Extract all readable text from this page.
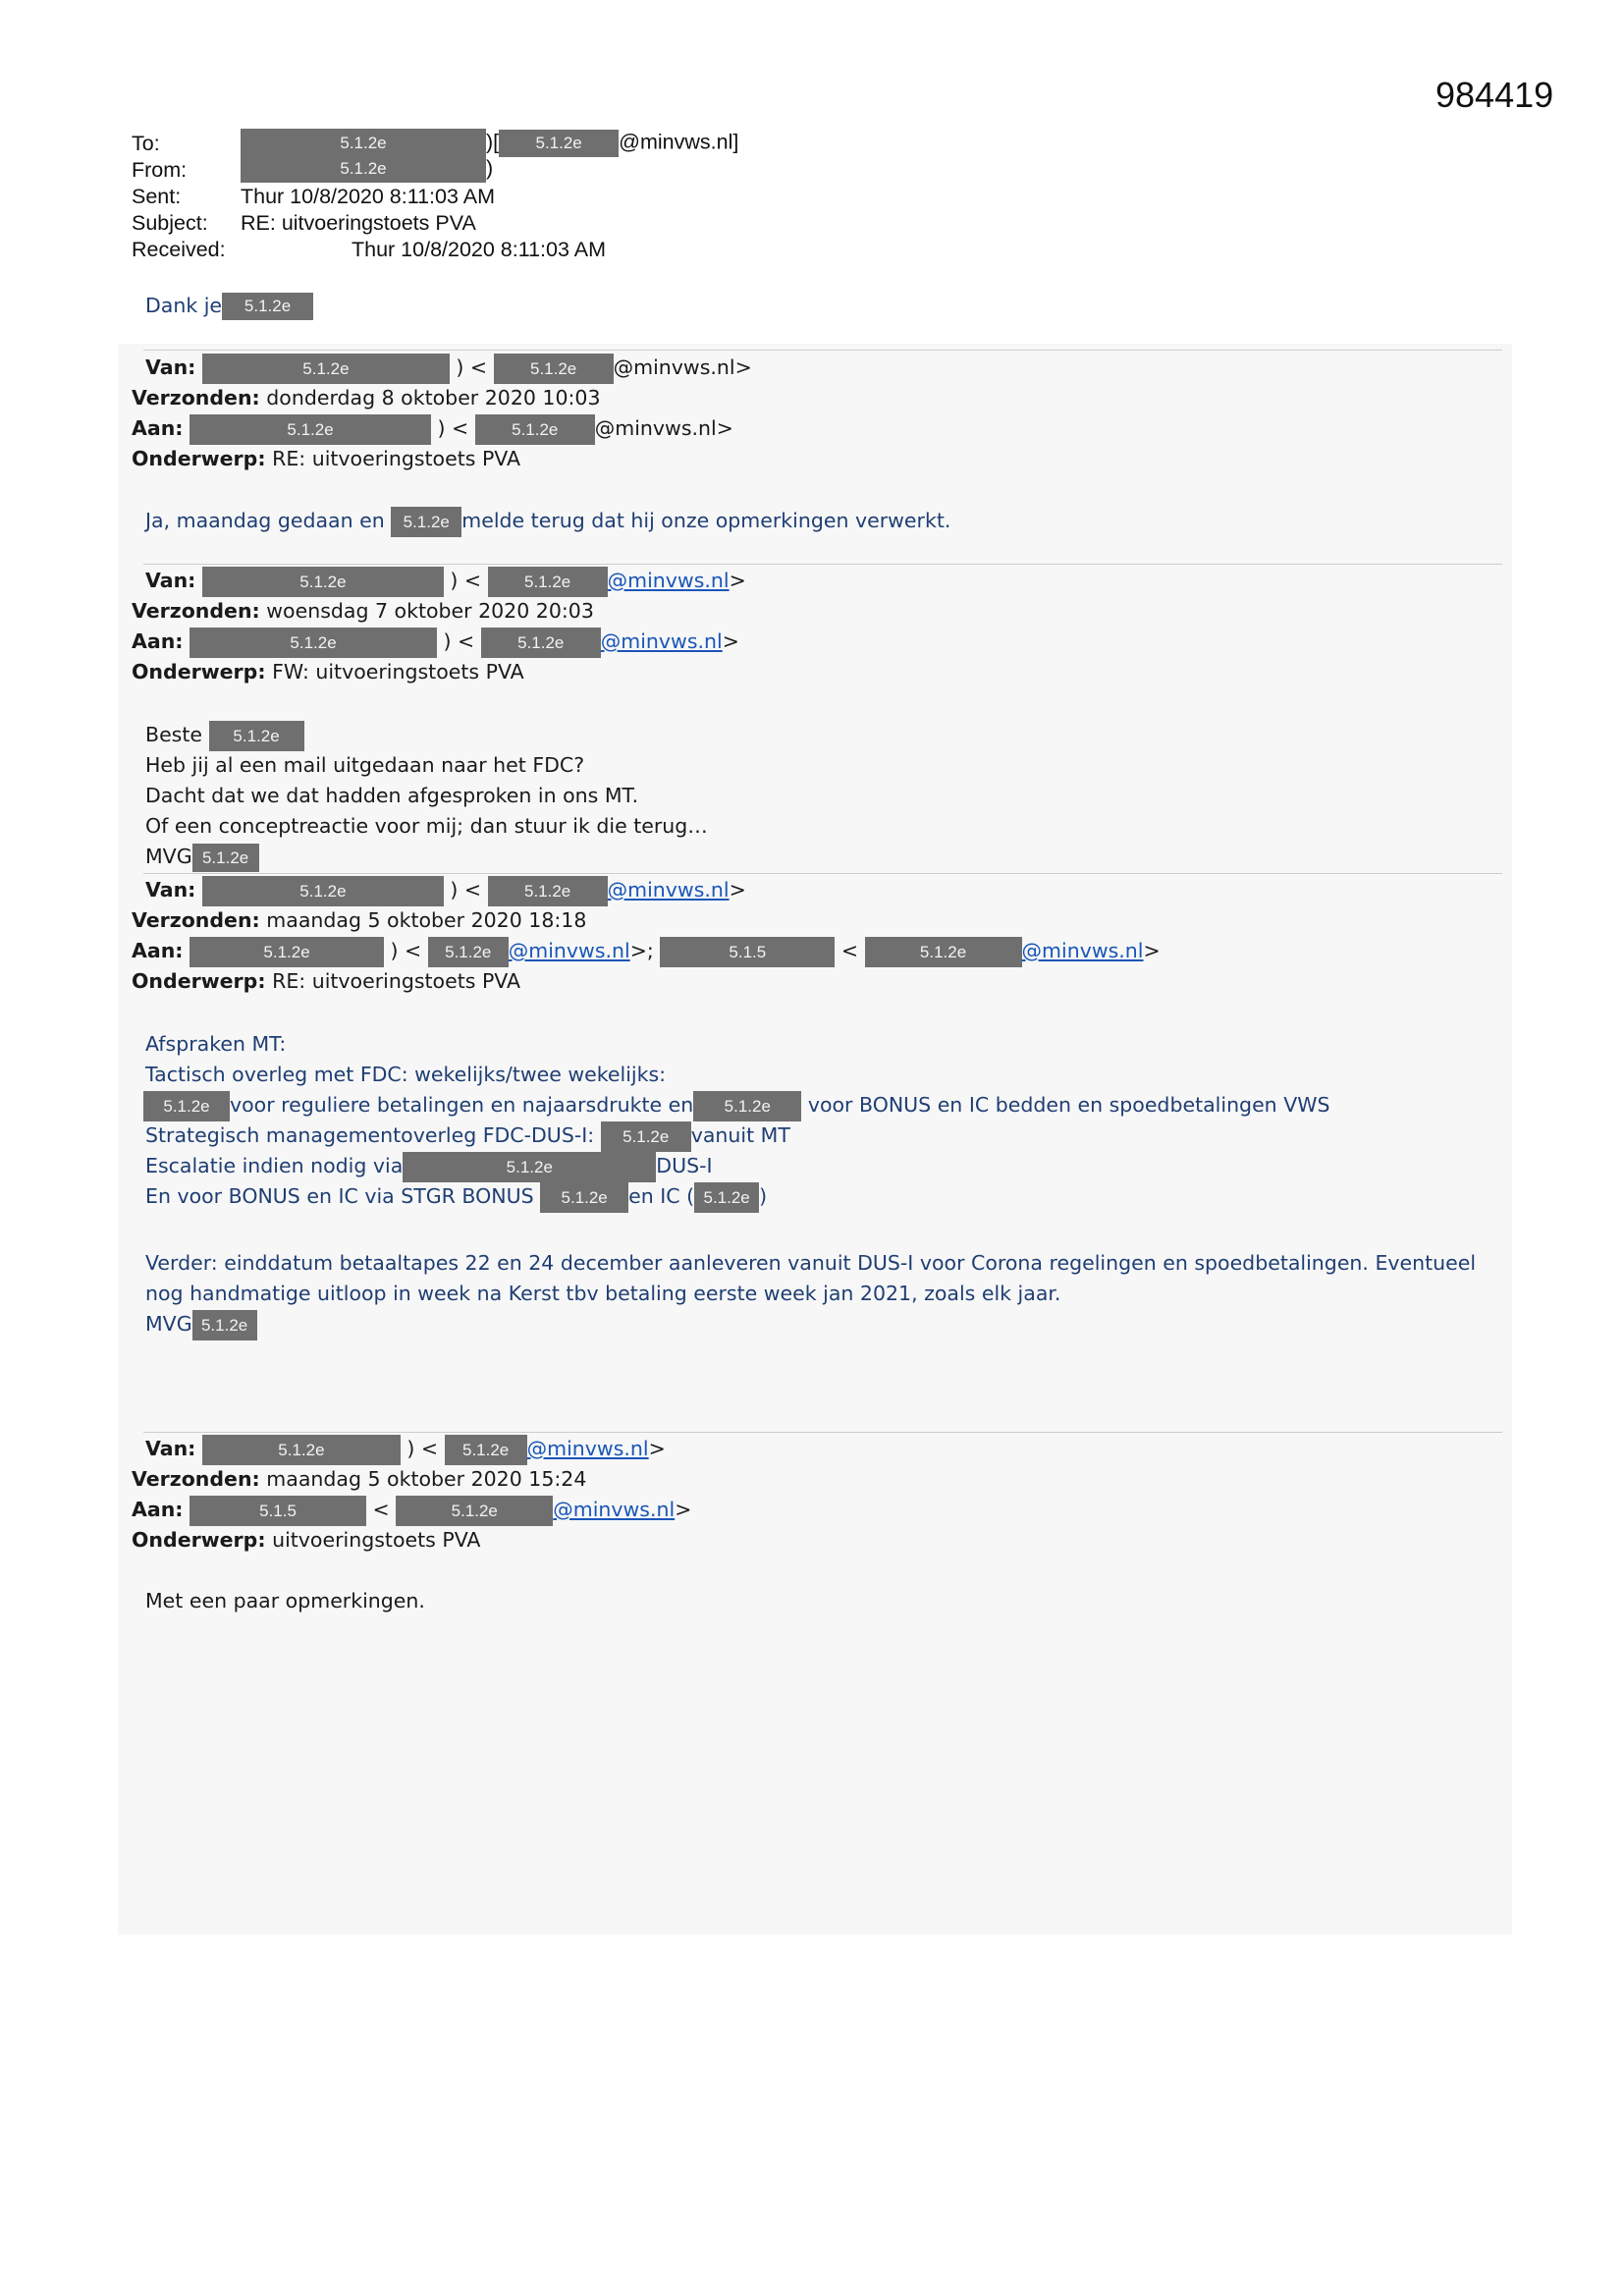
984419
To:	5.1.2e	)[ 5.1.2e @minvws.nl]
From:	5.1.2e	)
Sent:	Thur 10/8/2020 8:11:03 AM
Subject: RE: uitvoeringstoets PVA
Received:	Thur 10/8/2020 8:11:03 AM
Dank je 5.1.2e
Van:	5.1.2e	) < 5.1.2e @minvws.nl>
Verzonden: donderdag 8 oktober 2020 10:03
Aan:	5.1.2e	) < 5.1.2e @minvws.nl>
Onderwerp: RE: uitvoeringstoets PVA
Ja, maandag gedaan en 5.1.2e melde terug dat hij onze opmerkingen verwerkt.
Van:	5.1.2e	) < 5.1.2e @minvws.nl>
Verzonden: woensdag 7 oktober 2020 20:03
Aan:	5.1.2e	) < 5.1.2e @minvws.nl>
Onderwerp: FW: uitvoeringstoets PVA
Beste 5.1.2e
Heb jij al een mail uitgedaan naar het FDC?
Dacht dat we dat hadden afgesproken in ons MT.
Of een conceptreactie voor mij; dan stuur ik die terug…
MVG 5.1.2e
Van:	5.1.2e	) < 5.1.2e @minvws.nl>
Verzonden: maandag 5 oktober 2020 18:18
Aan:	5.1.2e	) < 5.1.2e @minvws.nl>;	5.1.5	<	5.1.2e	@minvws.nl>
Onderwerp: RE: uitvoeringstoets PVA
Afspraken MT:
Tactisch overleg met FDC: wekelijks/twee wekelijks:
5.1.2e voor reguliere betalingen en najaarsdrukte en 5.1.2e voor BONUS en IC bedden en spoedbetalingen VWS
Strategisch managementoverleg FDC-DUS-I: 5.1.2e vanuit MT
Escalatie indien nodig via	5.1.2e	DUS-I
En voor BONUS en IC via STGR BONUS 5.1.2e en IC ( 5.1.2e )
Verder: einddatum betaaltapes 22 en 24 december aanleveren vanuit DUS-I voor Corona regelingen en spoedbetalingen. Eventueel
nog handmatige uitloop in week na Kerst tbv betaling eerste week jan 2021, zoals elk jaar.
MVG 5.1.2e
Van:	5.1.2e	) < 5.1.2e @minvws.nl>
Verzonden: maandag 5 oktober 2020 15:24
Aan:	5.1.5	<	5.1.2e	@minvws.nl>
Onderwerp: uitvoeringstoets PVA
Met een paar opmerkingen.
